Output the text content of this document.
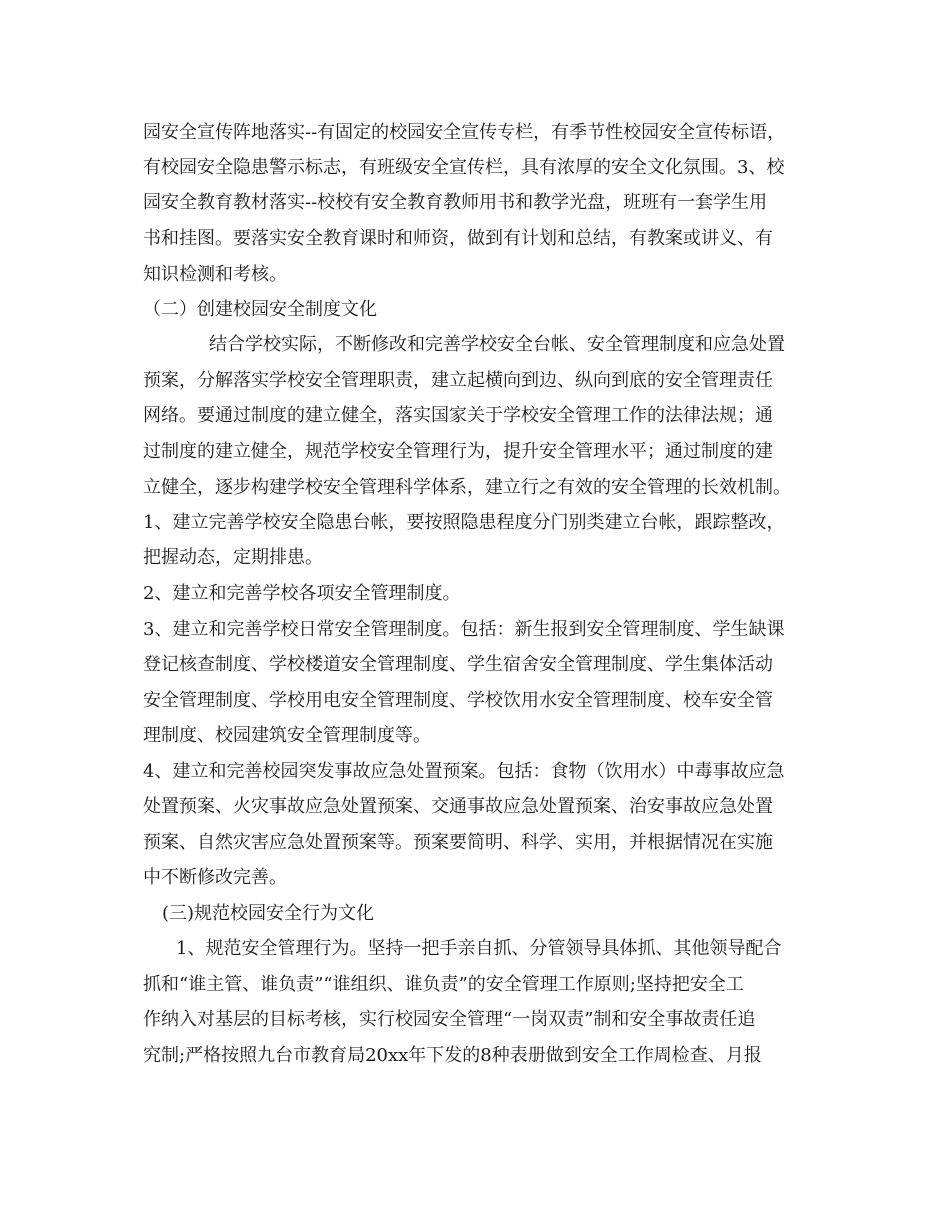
园安全宣传阵地落实--有固定的校园安全宣传专栏，有季节性校园安全宣传标语，
有校园安全隐患警示标志，有班级安全宣传栏，具有浓厚的安全文化氛围。3、校
园安全教育教材落实--校校有安全教育教师用书和教学光盘，班班有一套学生用
书和挂图。要落实安全教育课时和师资，做到有计划和总结，有教案或讲义、有
知识检测和考核。
（二）创建校园安全制度文化
结合学校实际，不断修改和完善学校安全台帐、安全管理制度和应急处置
预案，分解落实学校安全管理职责，建立起横向到边、纵向到底的安全管理责任
网络。要通过制度的建立健全，落实国家关于学校安全管理工作的法律法规；通
过制度的建立健全，规范学校安全管理行为，提升安全管理水平；通过制度的建
立健全，逐步构建学校安全管理科学体系，建立行之有效的安全管理的长效机制。
1、建立完善学校安全隐患台帐，要按照隐患程度分门别类建立台帐，跟踪整改，
把握动态，定期排患。
2、建立和完善学校各项安全管理制度。
3、建立和完善学校日常安全管理制度。包括：新生报到安全管理制度、学生缺课
登记核查制度、学校楼道安全管理制度、学生宿舍安全管理制度、学生集体活动
安全管理制度、学校用电安全管理制度、学校饮用水安全管理制度、校车安全管
理制度、校园建筑安全管理制度等。
4、建立和完善校园突发事故应急处置预案。包括：食物（饮用水）中毒事故应急
处置预案、火灾事故应急处置预案、交通事故应急处置预案、治安事故应急处置
预案、自然灾害应急处置预案等。预案要简明、科学、实用，并根据情况在实施
中不断修改完善。
(三)规范校园安全行为文化
1、规范安全管理行为。坚持一把手亲自抓、分管领导具体抓、其他领导配合
抓和“谁主管、谁负责”“谁组织、谁负责”的安全管理工作原则;坚持把安全工
作纳入对基层的目标考核，实行校园安全管理“一岗双责”制和安全事故责任追
究制;严格按照九台市教育局20xx年下发的8种表册做到安全工作周检查、月报
